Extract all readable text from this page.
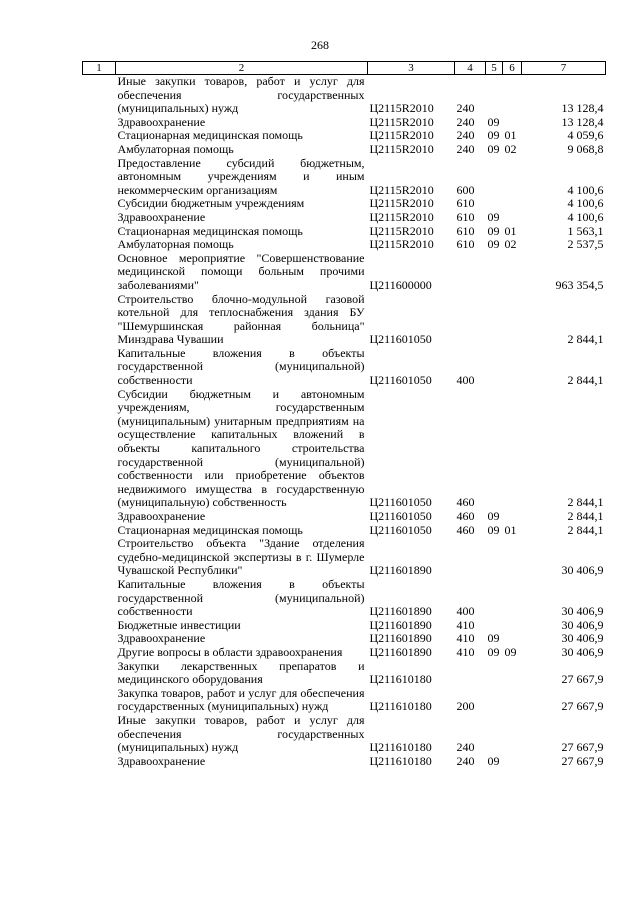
268
1	2	3	4	5	6	7
	Иные закупки товаров, работ и услуг для обеспечения государственных (муниципальных) нужд	Ц2115R2010	240			13 128,4
	Здравоохранение	Ц2115R2010	240	09		13 128,4
	Стационарная медицинская помощь	Ц2115R2010	240	09	01	4 059,6
	Амбулаторная помощь	Ц2115R2010	240	09	02	9 068,8
	Предоставление субсидий бюджетным, автономным учреждениям и иным некоммерческим организациям	Ц2115R2010	600			4 100,6
	Субсидии бюджетным учреждениям	Ц2115R2010	610			4 100,6
	Здравоохранение	Ц2115R2010	610	09		4 100,6
	Стационарная медицинская помощь	Ц2115R2010	610	09	01	1 563,1
	Амбулаторная помощь	Ц2115R2010	610	09	02	2 537,5
	Основное мероприятие "Совершенствование медицинской помощи больным прочими заболеваниями"	Ц211600000				963 354,5
	Строительство блочно-модульной газовой котельной для теплоснабжения здания БУ "Шемуршинская районная больница" Минздрава Чувашии	Ц211601050				2 844,1
	Капитальные вложения в объекты государственной (муниципальной) собственности	Ц211601050	400			2 844,1
	Субсидии бюджетным и автономным учреждениям, государственным (муниципальным) унитарным предприятиям на осуществление капитальных вложений в объекты капитального строительства государственной (муниципальной) собственности или приобретение объектов недвижимого имущества в государственную (муниципальную) собственность	Ц211601050	460			2 844,1
	Здравоохранение	Ц211601050	460	09		2 844,1
	Стационарная медицинская помощь	Ц211601050	460	09	01	2 844,1
	Строительство объекта "Здание отделения судебно-медицинской экспертизы в г. Шумерле Чувашской Республики"	Ц211601890				30 406,9
	Капитальные вложения в объекты государственной (муниципальной) собственности	Ц211601890	400			30 406,9
	Бюджетные инвестиции	Ц211601890	410			30 406,9
	Здравоохранение	Ц211601890	410	09		30 406,9
	Другие вопросы в области здравоохранения	Ц211601890	410	09	09	30 406,9
	Закупки лекарственных препаратов и медицинского оборудования	Ц211610180				27 667,9
	Закупка товаров, работ и услуг для обеспечения государственных (муниципальных) нужд	Ц211610180	200			27 667,9
	Иные закупки товаров, работ и услуг для обеспечения государственных (муниципальных) нужд	Ц211610180	240			27 667,9
	Здравоохранение	Ц211610180	240	09		27 667,9
